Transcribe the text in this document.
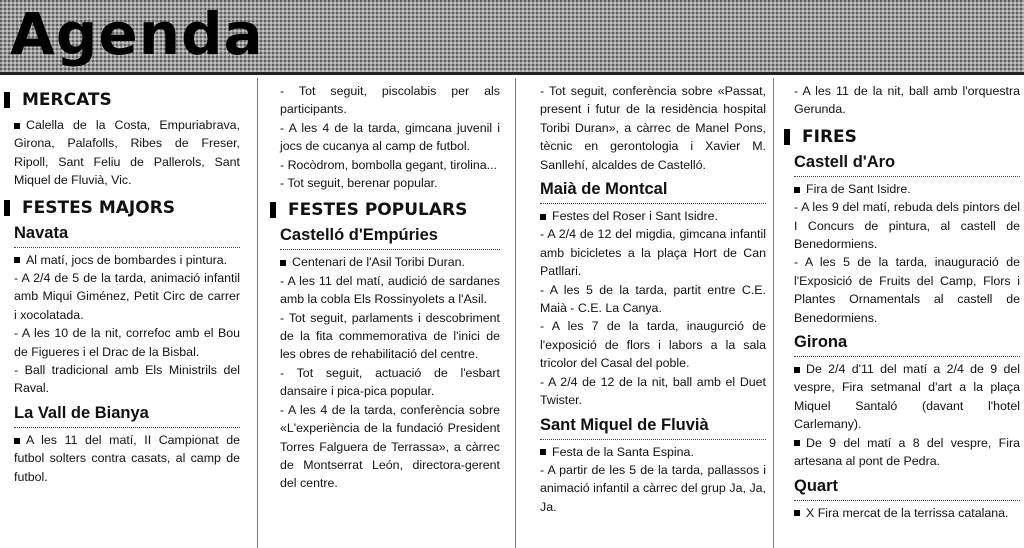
Agenda
MERCATS

Calella de la Costa, Empuriabrava, Girona, Palafolls, Ribes de Freser, Ripoll, Sant Feliu de Pallerols, Sant Miquel de Fluvià, Vic.

FESTES MAJORS
Navata

Al matí, jocs de bombardes i pintura.

- A 2/4 de 5 de la tarda, animació infantil amb Miqui Giménez, Petit Circ de carrer i xocolatada.

- A les 10 de la nit, correfoc amb el Bou de Figueres i el Drac de la Bisbal.

- Ball tradicional amb Els Ministrils del Raval.

La Vall de Bianya

A les 11 del matí, II Campionat de futbol solters contra casats, al camp de futbol.

- Tot seguit, piscolabis per als participants.

- A les 4 de la tarda, gimcana juvenil i jocs de cucanya al camp de futbol.

- Rocòdrom, bombolla gegant, tirolina...

- Tot seguit, berenar popular.

FESTES POPULARS
Castelló d'Empúries

Centenari de l'Asil Toribi Duran.

- A les 11 del matí, audició de sardanes amb la cobla Els Rossinyolets a l'Asil.

- Tot seguit, parlaments i descobriment de la fita commemorativa de l'inici de les obres de rehabilitació del centre.

- Tot seguit, actuació de l'esbart dansaire i pica-pica popular.

- A les 4 de la tarda, conferència sobre «L'experiència de la fundació President Torres Falguera de Terrassa», a càrrec de Montserrat León, directora-gerent del centre.

- Tot seguit, conferència sobre «Passat, present i futur de la residència hospital Toribi Duran», a càrrec de Manel Pons, tècnic en gerontologia i Xavier M. Sanllehí, alcaldes de Castelló.

Maià de Montcal

Festes del Roser i Sant Isidre.

- A 2/4 de 12 del migdia, gimcana infantil amb bicicletes a la plaça Hort de Can Patllari.

- A les 5 de la tarda, partit entre C.E. Maià - C.E. La Canya.

- A les 7 de la tarda, inaugurció de l'exposició de flors i labors a la sala tricolor del Casal del poble.

- A 2/4 de 12 de la nit, ball amb el Duet Twister.

Sant Miquel de Fluvià

Festa de la Santa Espina.

- A partir de les 5 de la tarda, pallassos i animació infantil a càrrec del grup Ja, Ja, Ja.

- A les 11 de la nit, ball amb l'orquestra Gerunda.

FIRES
Castell d'Aro

Fira de Sant Isidre.

- A les 9 del matí, rebuda dels pintors del I Concurs de pintura, al castell de Benedormiens.

- A les 5 de la tarda, inauguració de l'Exposició de Fruits del Camp, Flors i Plantes Ornamentals al castell de Benedormiens.

Girona

De 2/4 d'11 del matí a 2/4 de 9 del vespre, Fira setmanal d'art a la plaça Miquel Santaló (davant l'hotel Carlemany).

De 9 del matí a 8 del vespre, Fira artesana al pont de Pedra.

Quart

X Fira mercat de la terrissa catalana.
